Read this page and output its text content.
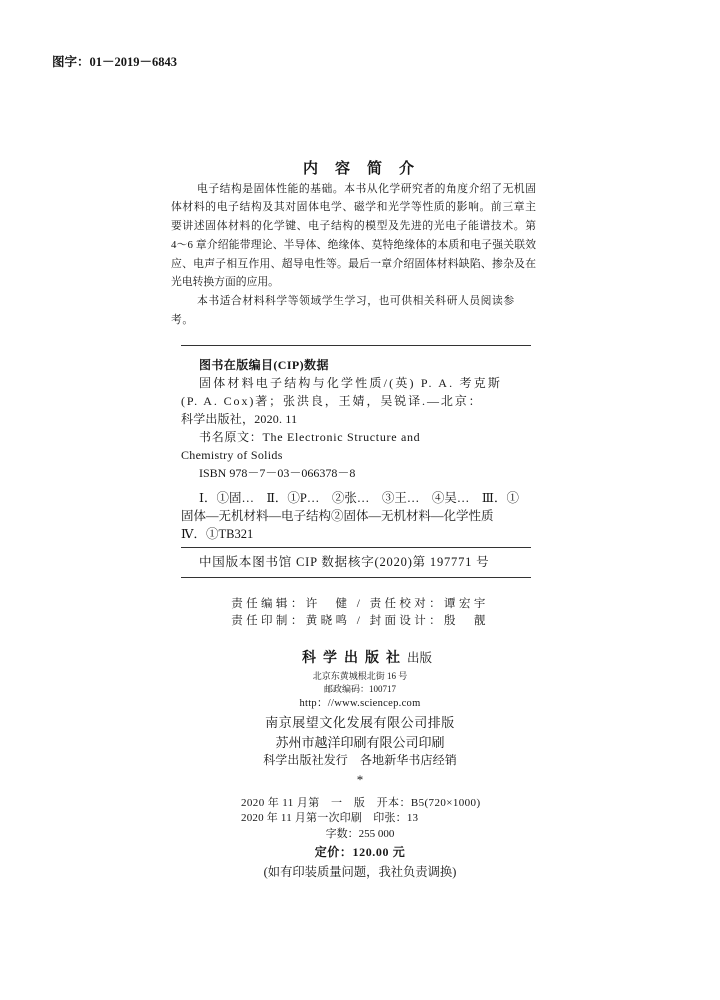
图字：01－2019－6843
内容简介
电子结构是固体性能的基础。本书从化学研究者的角度介绍了无机固
体材料的电子结构及其对固体电学、磁学和光学等性质的影响。前三章主
要讲述固体材料的化学键、电子结构的模型及先进的光电子能谱技术。第
4～6 章介绍能带理论、半导体、绝缘体、莫特绝缘体的本质和电子强关联效
应、电声子相互作用、超导电性等。最后一章介绍固体材料缺陷、掺杂及在
光电转换方面的应用。
本书适合材料科学等领域学生学习，也可供相关科研人员阅读参考。
图书在版编目(CIP)数据
固体材料电子结构与化学性质/(英) P. A. 考克斯
(P. A. Cox)著；张洪良，王婧，吴锐译.—北京：
科学出版社，2020. 11
书名原文：The Electronic Structure and
Chemistry of Solids
ISBN 978－7－03－066378－8
Ⅰ．①固…　Ⅱ．①P…　②张…　③王…　④吴…　Ⅲ．①
固体—无机材料—电子结构②固体—无机材料—化学性质
Ⅳ．①TB321
中国版本图书馆 CIP 数据核字(2020)第 197771 号
责任编辑：许　健 / 责任校对：谭宏宇
责任印制：黄晓鸣 / 封面设计：殷　靓
科学出版社出版
北京东黄城根北街 16 号
邮政编码：100717
http：//www.sciencep.com
南京展望文化发展有限公司排版
苏州市越洋印刷有限公司印刷
科学出版社发行　各地新华书店经销
*
2020 年 11 月第　一　版　开本：B5(720×1000)
2020 年 11 月第一次印刷　印张：13
字数：255 000
定价：120.00 元
(如有印装质量问题，我社负责调换)
